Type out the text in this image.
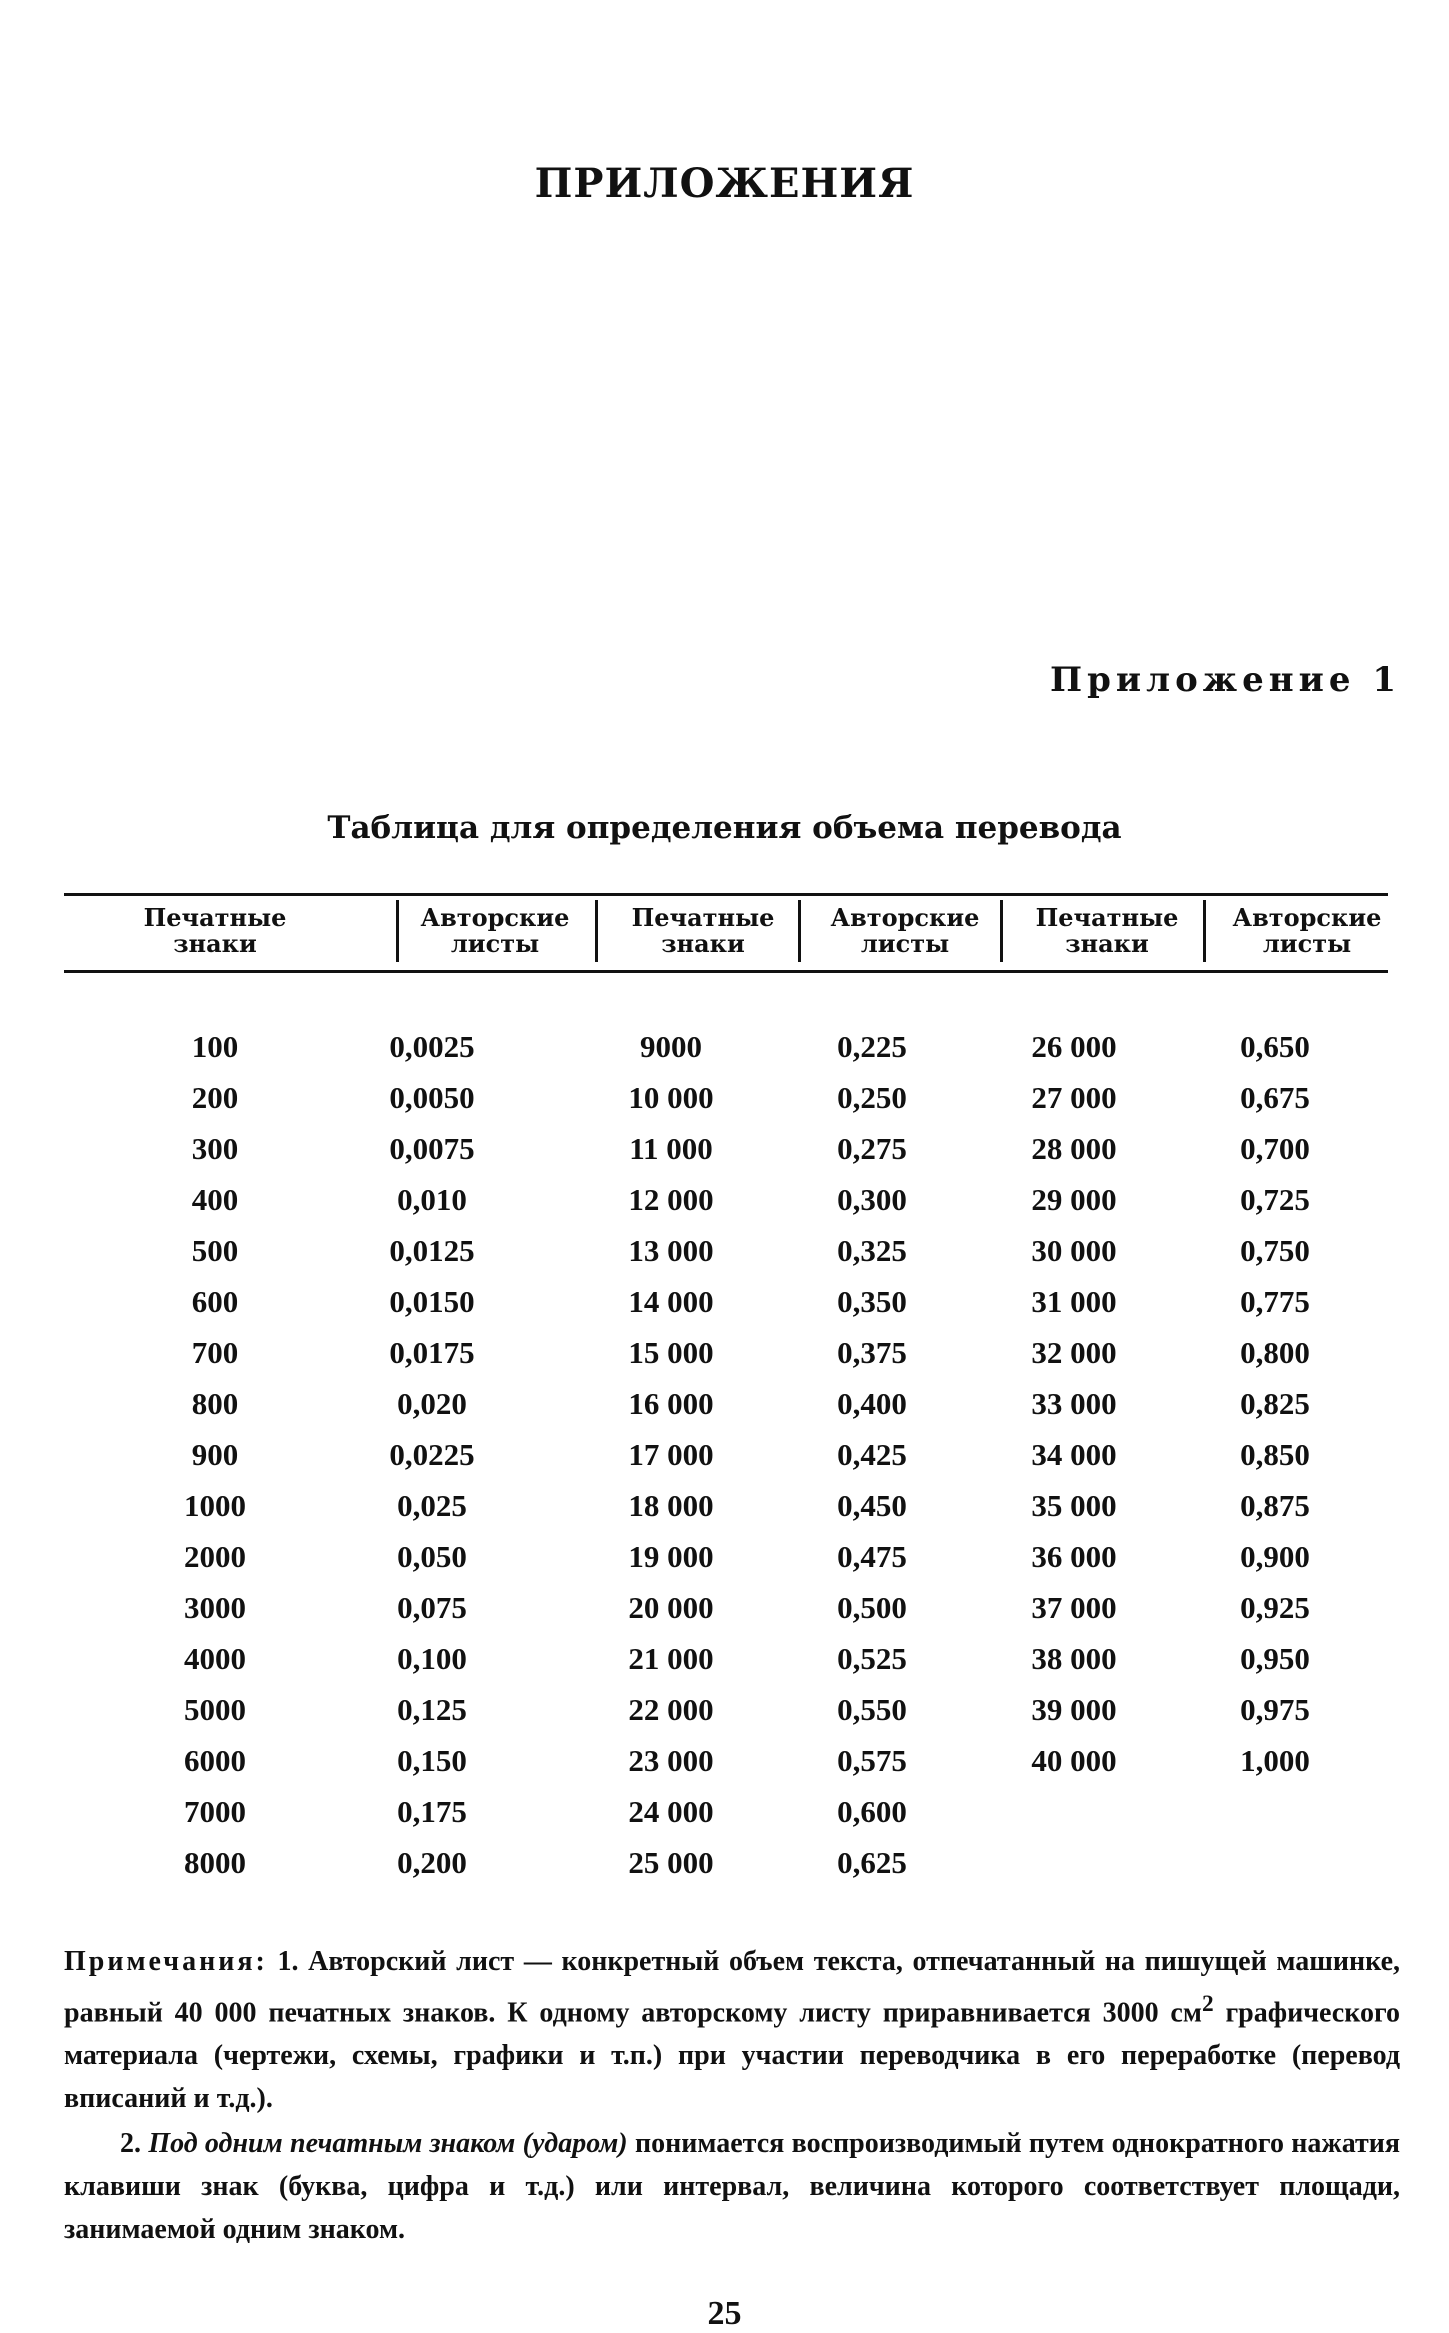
ПРИЛОЖЕНИЯ
Приложение 1
Таблица для определения объема перевода
Печатные знаки
Авторские листы
Печатные знаки
Авторские листы
Печатные знаки
Авторские листы
100
200
300
400
500
600
700
800
900
1000
2000
3000
4000
5000
6000
7000
8000
0,0025
0,0050
0,0075
0,010
0,0125
0,0150
0,0175
0,020
0,0225
0,025
0,050
0,075
0,100
0,125
0,150
0,175
0,200
9000
10 000
11 000
12 000
13 000
14 000
15 000
16 000
17 000
18 000
19 000
20 000
21 000
22 000
23 000
24 000
25 000
0,225
0,250
0,275
0,300
0,325
0,350
0,375
0,400
0,425
0,450
0,475
0,500
0,525
0,550
0,575
0,600
0,625
26 000
27 000
28 000
29 000
30 000
31 000
32 000
33 000
34 000
35 000
36 000
37 000
38 000
39 000
40 000
0,650
0,675
0,700
0,725
0,750
0,775
0,800
0,825
0,850
0,875
0,900
0,925
0,950
0,975
1,000

Примечания: 1. Авторский лист — конкретный объем текста, отпечатанный на пишущей машинке, равный 40 000 печатных знаков. К одному авторскому листу приравнивается 3000 $см^2$ графического материала (чертежи, схемы, графики и т.п.) при участии переводчика в его переработке (перевод вписаний и т.д.).

2. Под одним печатным знаком (ударом) понимается воспроизводимый путем однократного нажатия клавиши знак (буква, цифра и т.д.) или интервал, величина которого соответствует площади, занимаемой одним знаком.

25
